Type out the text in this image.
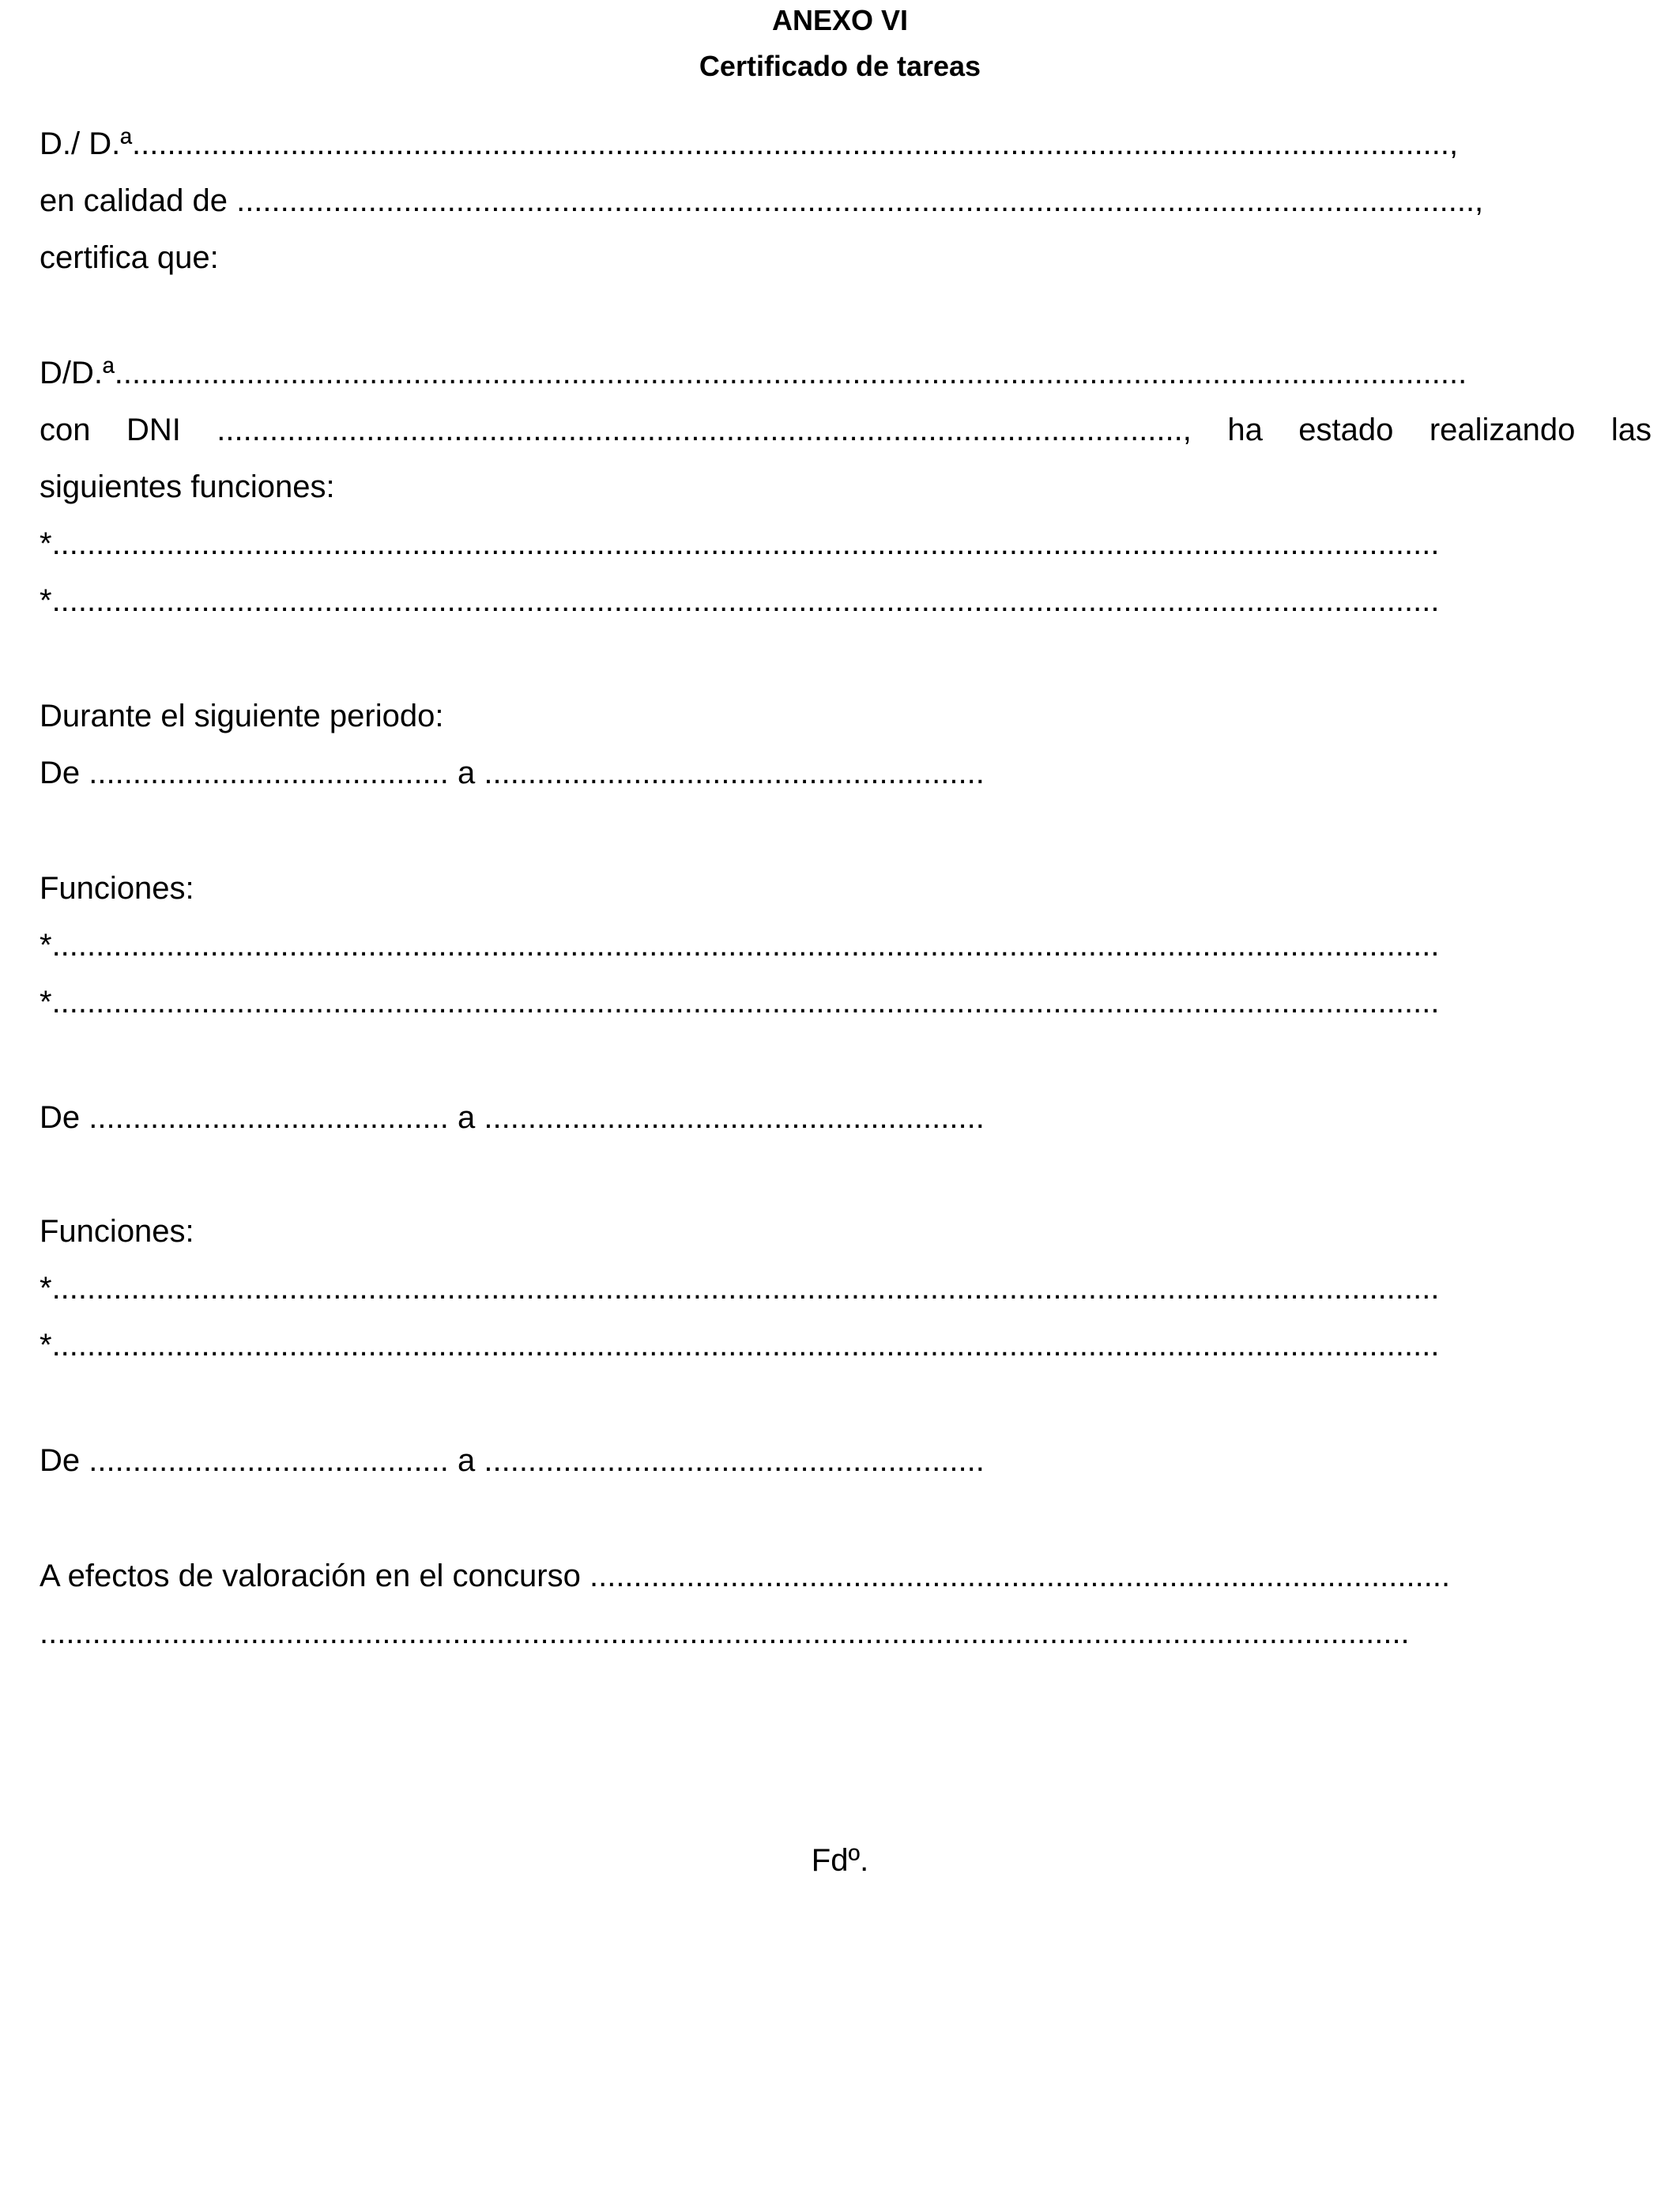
ANEXO VI
Certificado de tareas
D./ D.ª......................................................................................................................................................,
en calidad de .............................................................................................................................................,
certifica que:
D/D.ª..........................................................................................................................................................
con DNI .............................................................................................................., ha estado realizando las
siguientes funciones:
*..............................................................................................................................................................
*..............................................................................................................................................................
Durante el siguiente periodo:
De ......................................... a .........................................................
Funciones:
*..............................................................................................................................................................
*..............................................................................................................................................................
De ......................................... a .........................................................
Funciones:
*..............................................................................................................................................................
*..............................................................................................................................................................
De ......................................... a .........................................................
A efectos de valoración en el concurso ..................................................................................................
............................................................................................................................................................
Fdº.
